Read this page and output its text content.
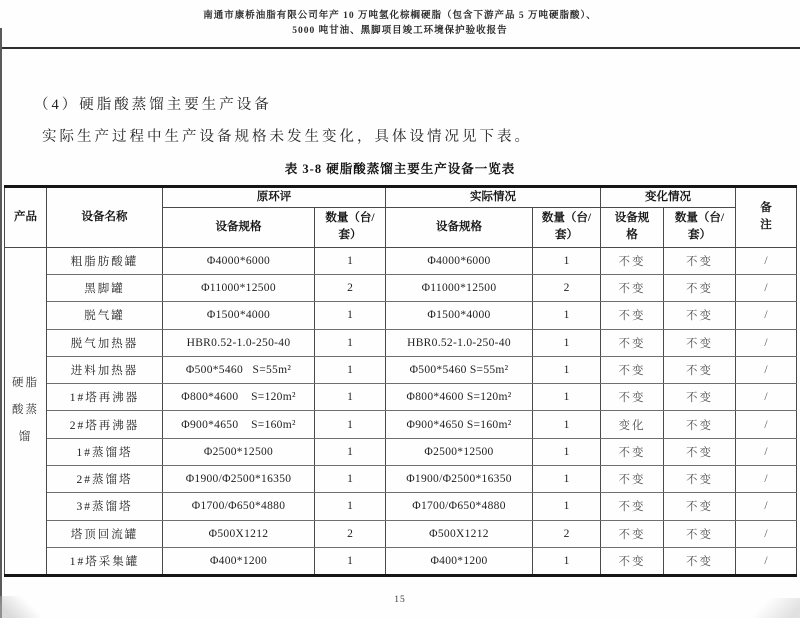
南通市康桥油脂有限公司年产 10 万吨氢化棕榈硬脂（包含下游产品 5 万吨硬脂酸）、
5000 吨甘油、黑脚项目竣工环境保护验收报告
（4）硬脂酸蒸馏主要生产设备

实际生产过程中生产设备规格未发生变化，具体设情况见下表。

表 3-8 硬脂酸蒸馏主要生产设备一览表
产品	设备名称	原环评		实际情况		变化情况		备注
		设备规格	数量（台/套）	设备规格	数量（台/套）	设备规格	数量（台/套）	
硬脂酸蒸馏	粗脂肪酸罐	Φ4000*6000	1	Φ4000*6000	1	不变	不变	/
	黑脚罐	Φ11000*12500	2	Φ11000*12500	2	不变	不变	/
	脱气罐	Φ1500*4000	1	Φ1500*4000	1	不变	不变	/
	脱气加热器	HBR0.52-1.0-250-40	1	HBR0.52-1.0-250-40	1	不变	不变	/
	进料加热器	Φ500*5460   S=55m²	1	Φ500*5460 S=55m²	1	不变	不变	/
	1#塔再沸器	Φ800*4600    S=120m²	1	Φ800*4600 S=120m²	1	不变	不变	/
	2#塔再沸器	Φ900*4650    S=160m²	1	Φ900*4650 S=160m²	1	变化	不变	/
	1#蒸馏塔	Φ2500*12500	1	Φ2500*12500	1	不变	不变	/
	2#蒸馏塔	Φ1900/Φ2500*16350	1	Φ1900/Φ2500*16350	1	不变	不变	/
	3#蒸馏塔	Φ1700/Φ650*4880	1	Φ1700/Φ650*4880	1	不变	不变	/
	塔顶回流罐	Φ500X1212	2	Φ500X1212	2	不变	不变	/
	1#塔采集罐	Φ400*1200	1	Φ400*1200	1	不变	不变	/
15
